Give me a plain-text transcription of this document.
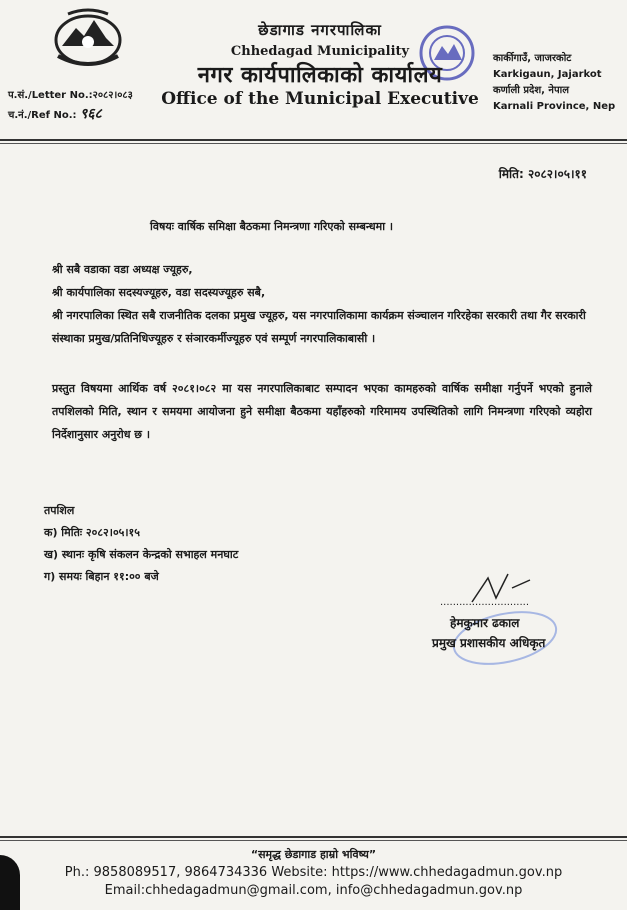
छेडागाड नगरपालिका
Chhedagad Municipality
नगर कार्यपालिकाको कार्यालय
Office of the Municipal Executive
कार्कीगाउँ, जाजरकोट
Karkigaun, Jajarkot
कर्णाली प्रदेश, नेपाल
Karnali Province, Nep
प.सं./Letter No.:२०८२।०८३
च.नं./Ref No.: ९६८
मिति: २०८२।०५।११
विषयः वार्षिक समिक्षा बैठकमा निमन्त्रणा गरिएको सम्बन्धमा ।
श्री सबै वडाका वडा अध्यक्ष ज्यूहरु,
श्री कार्यपालिका सदस्यज्यूहरु, वडा सदस्यज्यूहरु सबै,
श्री नगरपालिका स्थित सबै राजनीतिक दलका प्रमुख ज्यूहरु, यस नगरपालिकामा कार्यक्रम संञ्चालन गरिरहेका सरकारी तथा गैर सरकारी संस्थाका प्रमुख/प्रतिनिधिज्यूहरु र संञारकर्मीज्यूहरु एवं सम्पूर्ण नगरपालिकाबासी ।
प्रस्तुत विषयमा आर्थिक वर्ष २०८१।०८२ मा यस नगरपालिकाबाट सम्पादन भएका कामहरुको वार्षिक समीक्षा गर्नुपर्ने भएकाे हुनाले तपशिलको मिति, स्थान र समयमा आयोजना हुने समीक्षा बैठकमा यहाँहरुको गरिमामय उपस्थितिको लागि निमन्त्रणा गरिएको व्यहोरा निर्देशानुसार अनुरोध छ ।
तपशिल
क) मितिः २०८२।०५।१५
ख) स्थानः कृषि संकलन केन्द्रको सभाहल मनघाट
ग) समयः बिहान ११:०० बजे
............................
हेमकुमार ढकाल
प्रमुख प्रशासकीय अधिकृत
“समृद्ध छेडागाड हाम्रो भविष्य”
Ph.: 9858089517, 9864734336 Website: https://www.chhedagadmun.gov.np
Email:chhedagadmun@gmail.com, info@chhedagadmun.gov.np
